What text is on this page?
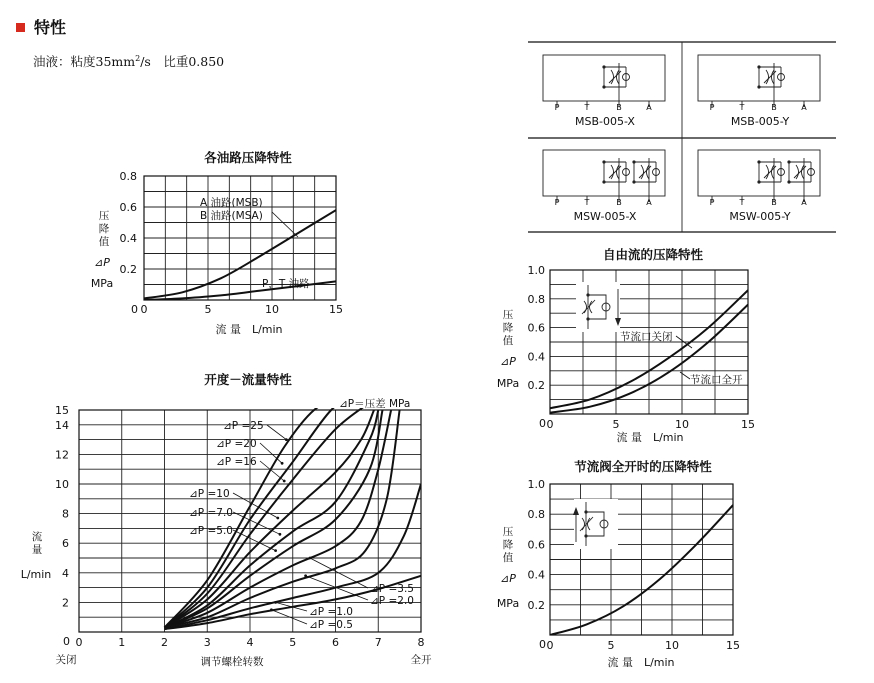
特性
油液：粘度$35mm^2/s$　比重0.850
P	T	B	A
MSB-005-X
P	T	B	A
MSB-005-Y
P	T	B	A
MSW-005-X
P	T	B	A
MSW-005-Y
各油路压降特性
压
降
值
⊿P
MPa
流 量　L/min
0	5	10	15
0.2
0.4
0.6
0.8
0
A 油路(MSB)
B 油路(MSA)
P，T 油路
开度－流量特性
⊿P＝压差 MPa
流
量
L/min
调节螺栓转数
关闭	全开
0	1	2	3	4	5	6	7	8
2
4
6
8
10
12
14
15
0
⊿P =25
⊿P =20
⊿P =16
⊿P =10
⊿P =7.0
⊿P =5.0
⊿P =3.5
⊿P =2.0
⊿P =1.0
⊿P =0.5
自由流的压降特性
压
降
值
⊿P
MPa
流 量　L/min
0	5	10	15
0.2
0.4
0.6
0.8
1.0
0
节流口关闭
节流口全开
节流阀全开时的压降特性
压
降
值
⊿P
MPa
流 量　L/min
0	5	10	15
0.2
0.4
0.6
0.8
1.0
0
